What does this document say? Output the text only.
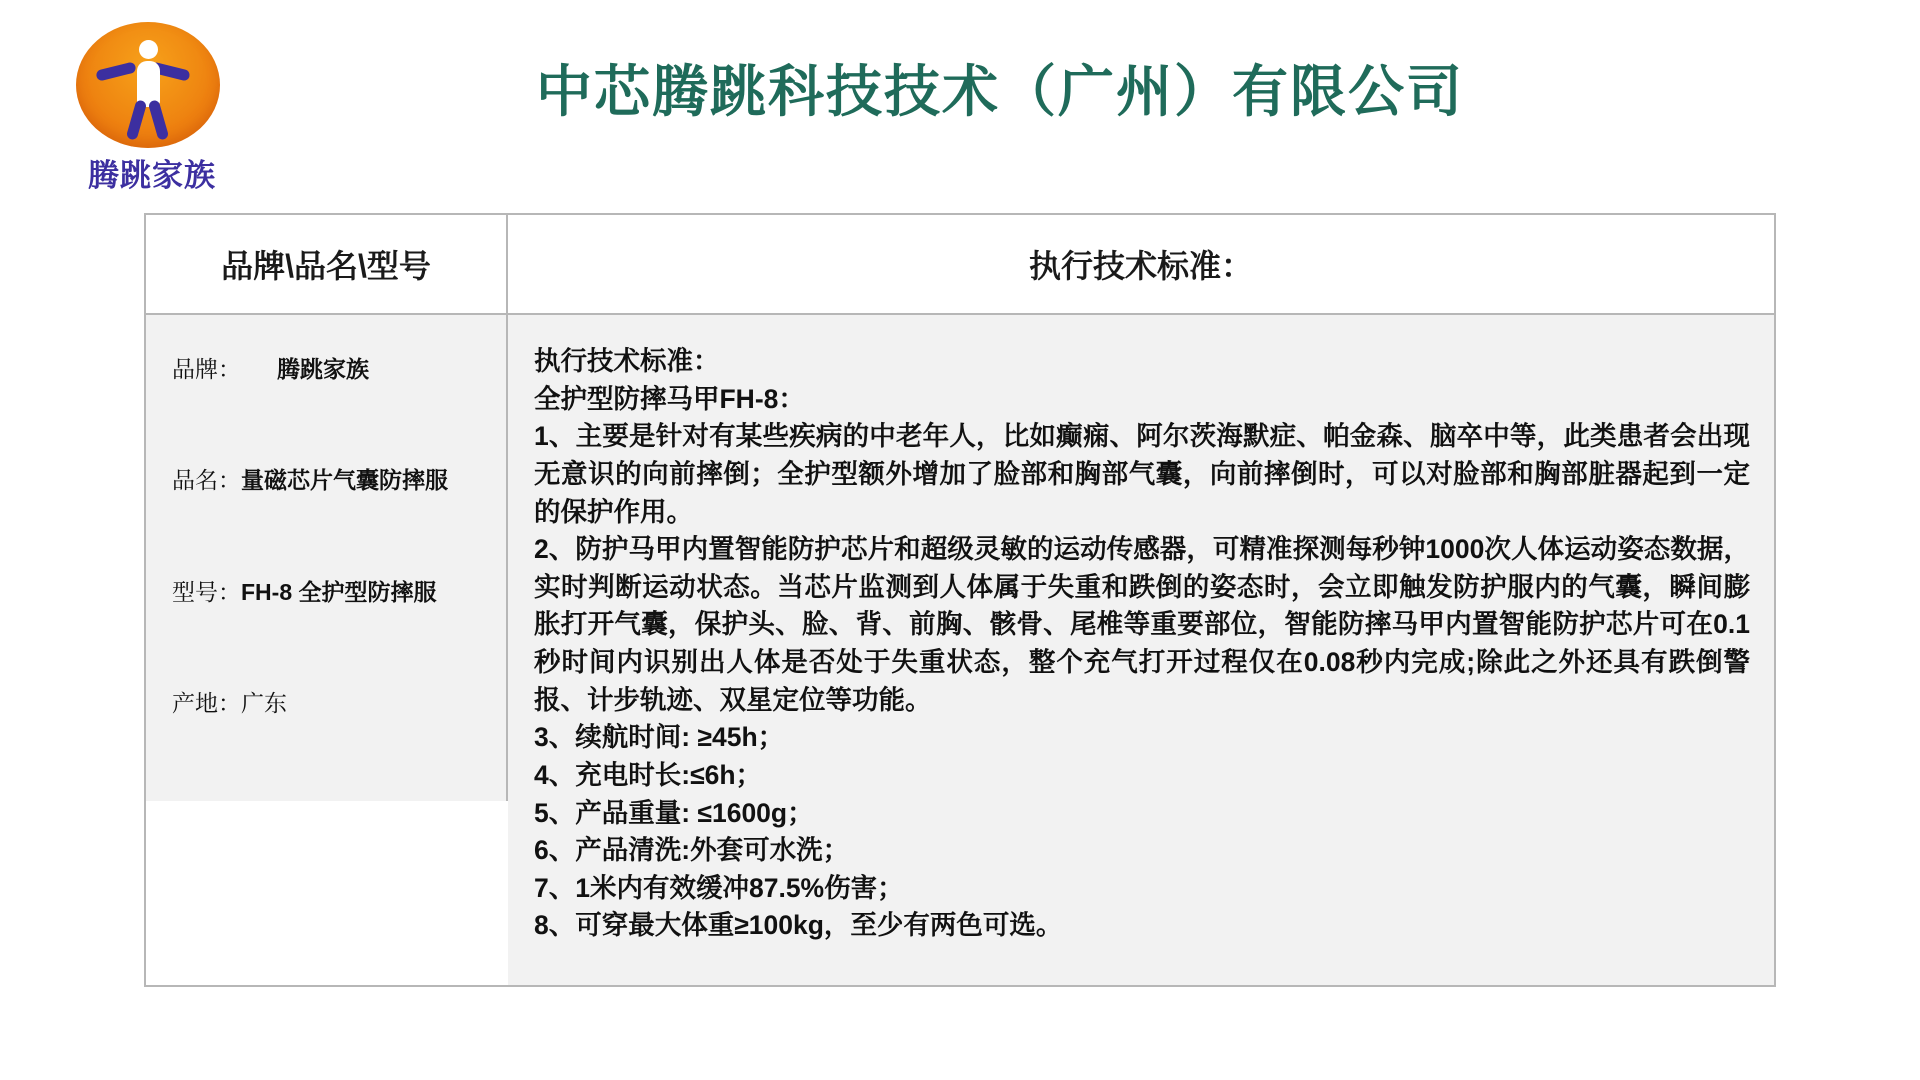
腾跳家族
中芯腾跳科技技术（广州）有限公司
品牌\品名\型号	执行技术标准：
品牌： 腾跳家族
品名：量磁芯片气囊防摔服
型号：FH-8 全护型防摔服
产地：广东
执行技术标准：
全护型防摔马甲FH-8：

1、主要是针对有某些疾病的中老年人，比如癫痫、阿尔茨海默症、帕金森、脑卒中等，此类患者会出现无意识的向前摔倒；全护型额外增加了脸部和胸部气囊，向前摔倒时，可以对脸部和胸部脏器起到一定的保护作用。

2、防护马甲内置智能防护芯片和超级灵敏的运动传感器，可精准探测每秒钟1000次人体运动姿态数据，实时判断运动状态。当芯片监测到人体属于失重和跌倒的姿态时，会立即触发防护服内的气囊，瞬间膨胀打开气囊，保护头、脸、背、前胸、骸骨、尾椎等重要部位，智能防摔马甲内置智能防护芯片可在0.1秒时间内识别出人体是否处于失重状态，整个充气打开过程仅在0.08秒内完成;除此之外还具有跌倒警报、计步轨迹、双星定位等功能。

3、续航时间: ≥45h；

4、充电时长:≤6h；

5、产品重量: ≤1600g；

6、产品清洗:外套可水洗；

7、1米内有效缓冲87.5%伤害；

8、可穿最大体重≥100kg，至少有两色可选。
